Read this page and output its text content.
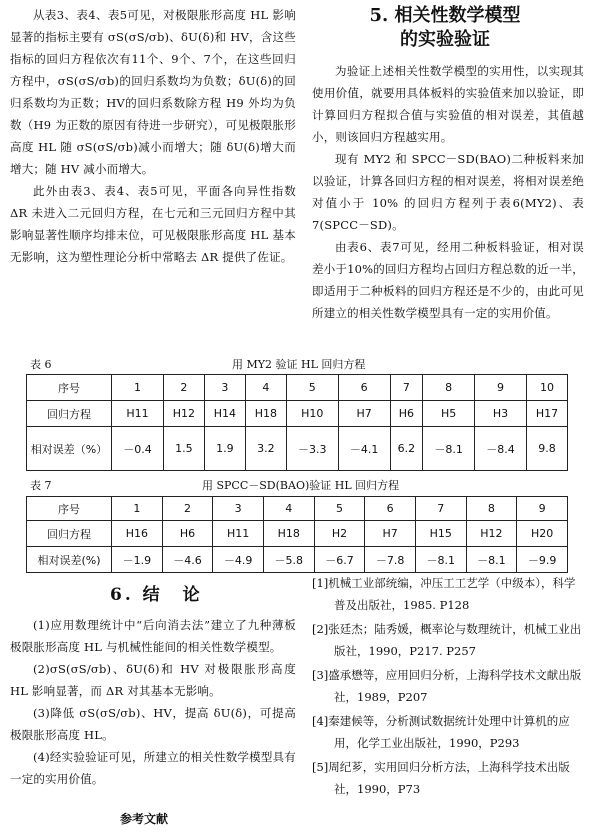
从表3、表4、表5可见，对极限胀形高度 HL 影响显著的指标主要有 σS(σS/σb)、δU(δ)和 HV，含这些指标的回归方程依次有11个、9个、7个，在这些回归方程中，σS(σS/σb)的回归系数均为负数；δU(δ)的回归系数均为正数；HV的回归系数除方程 H9 外均为负数（H9 为正数的原因有待进一步研究），可见极限胀形高度 HL 随 σS(σS/σb)减小而增大；随 δU(δ)增大而增大；随 HV 减小而增大。

此外由表3、表4、表5可见，平面各向异性指数 ΔR 未进入二元回归方程，在七元和三元回归方程中其影响显著性顺序均排末位，可见极限胀形高度 HL 基本无影响，这为塑性理论分析中常略去 ΔR 提供了佐证。

5. 相关性数学模型
的实验验证

为验证上述相关性数学模型的实用性，以实现其使用价值，就要用具体板料的实验值来加以验证，即计算回归方程拟合值与实验值的相对误差，其值越小，则该回归方程越实用。

现有 MY2 和 SPCC－SD(BAO)二种板料来加以验证，计算各回归方程的相对误差，将相对误差绝对值小于 10% 的回归方程列于表6(MY2)、表7(SPCC－SD)。

由表6、表7可见，经用二种板料验证，相对误差小于10%的回归方程均占回归方程总数的近一半，即适用于二种板料的回归方程还是不少的，由此可见所建立的相关性数学模型具有一定的实用价值。

表 6	用 MY2 验证 HL 回归方程
序号	1	2	3	4	5	6	7	8	9	10
回归方程	H11	H12	H14	H18	H10	H7	H6	H5	H3	H17
相对误差（%）	－0.4	1.5	1.9	3.2	－3.3	－4.1	6.2	－8.1	－8.4	9.8
表 7	用 SPCC－SD(BAO)验证 HL 回归方程
序号	1	2	3	4	5	6	7	8	9
回归方程	H16	H6	H11	H18	H2	H7	H15	H12	H20
相对误差(%)	－1.9	－4.6	－4.9	－5.8	－6.7	－7.8	－8.1	－8.1	－9.9
6. 结　论

(1)应用数理统计中“后向消去法”建立了九种薄板极限胀形高度 HL 与机械性能间的相关性数学模型。

(2)σS(σS/σb)、δU(δ)和 HV 对极限胀形高度 HL 影响显著，而 ΔR 对其基本无影响。

(3)降低 σS(σS/σb)、HV，提高 δU(δ)，可提高极限胀形高度 HL。

(4)经实验验证可见，所建立的相关性数学模型具有一定的实用价值。

参考文献

[1]机械工业部统编，冲压工工艺学（中级本），科学普及出版社，1985. P128

[2]张廷杰；陆秀媛，概率论与数理统计，机械工业出版社，1990，P217. P257

[3]盛承懋等，应用回归分析，上海科学技术文献出版社，1989，P207

[4]秦建候等，分析测试数据统计处理中计算机的应用，化学工业出版社，1990，P293

[5]周纪芗，实用回归分析方法，上海科学技术出版社，1990，P73
